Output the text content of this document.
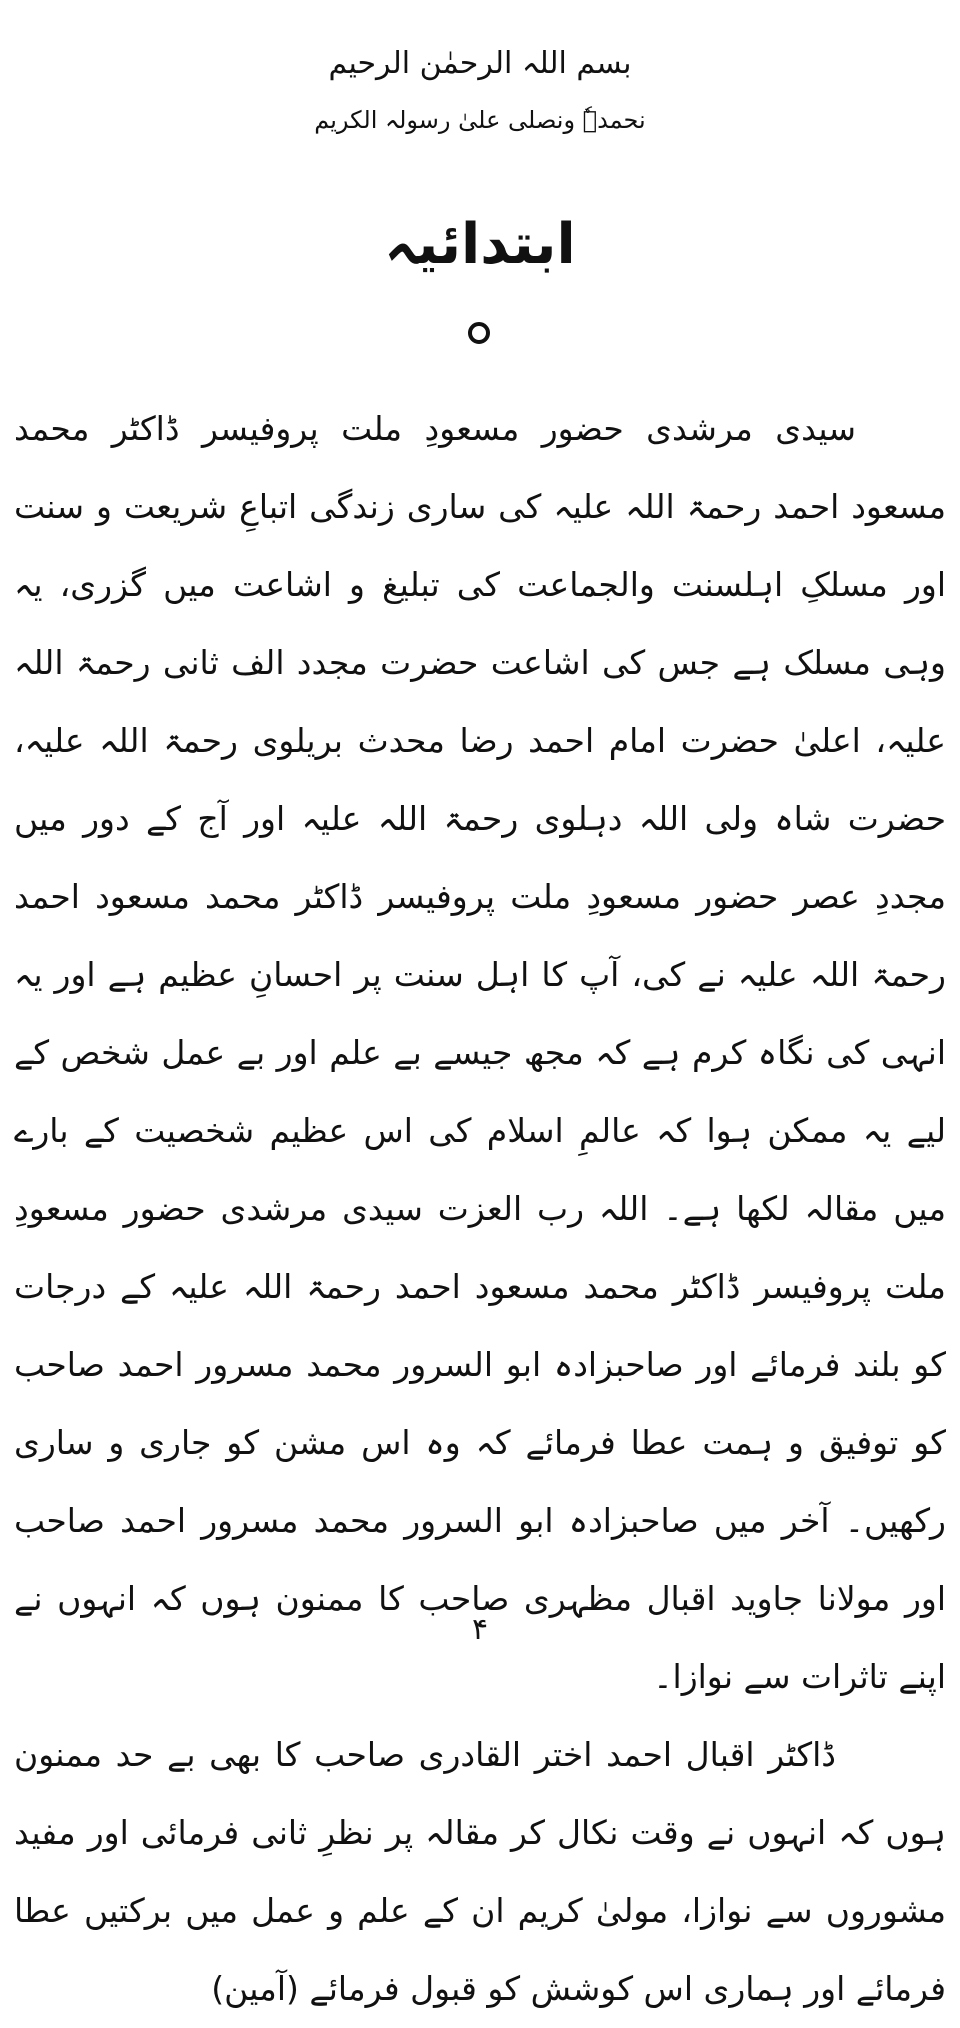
بسم اللہ الرحمٰن الرحیم
نحمدہٗ ونصلی علیٰ رسولہ الکریم
ابتدائیہ

سیدی مرشدی حضور مسعودِ ملت پروفیسر ڈاکٹر محمد مسعود احمد رحمۃ اللہ علیہ کی ساری زندگی اتباعِ شریعت و سنت اور مسلکِ اہلسنت والجماعت کی تبلیغ و اشاعت میں گزری، یہ وہی مسلک ہے جس کی اشاعت حضرت مجدد الف ثانی رحمۃ اللہ علیہ، اعلیٰ حضرت امام احمد رضا محدث بریلوی رحمۃ اللہ علیہ، حضرت شاہ ولی اللہ دہلوی رحمۃ اللہ علیہ اور آج کے دور میں مجددِ عصر حضور مسعودِ ملت پروفیسر ڈاکٹر محمد مسعود احمد رحمۃ اللہ علیہ نے کی، آپ کا اہل سنت پر احسانِ عظیم ہے اور یہ انہی کی نگاہ کرم ہے کہ مجھ جیسے بے علم اور بے عمل شخص کے لیے یہ ممکن ہوا کہ عالمِ اسلام کی اس عظیم شخصیت کے بارے میں مقالہ لکھا ہے۔ اللہ رب العزت سیدی مرشدی حضور مسعودِ ملت پروفیسر ڈاکٹر محمد مسعود احمد رحمۃ اللہ علیہ کے درجات کو بلند فرمائے اور صاحبزادہ ابو السرور محمد مسرور احمد صاحب کو توفیق و ہمت عطا فرمائے کہ وہ اس مشن کو جاری و ساری رکھیں۔ آخر میں صاحبزادہ ابو السرور محمد مسرور احمد صاحب اور مولانا جاوید اقبال مظہری صاحب کا ممنون ہوں کہ انہوں نے اپنے تاثرات سے نوازا۔

ڈاکٹر اقبال احمد اختر القادری صاحب کا بھی بے حد ممنون ہوں کہ انہوں نے وقت نکال کر مقالہ پر نظرِ ثانی فرمائی اور مفید مشوروں سے نوازا، مولیٰ کریم ان کے علم و عمل میں برکتیں عطا فرمائے اور ہماری اس کوشش کو قبول فرمائے (آمین)

۴
